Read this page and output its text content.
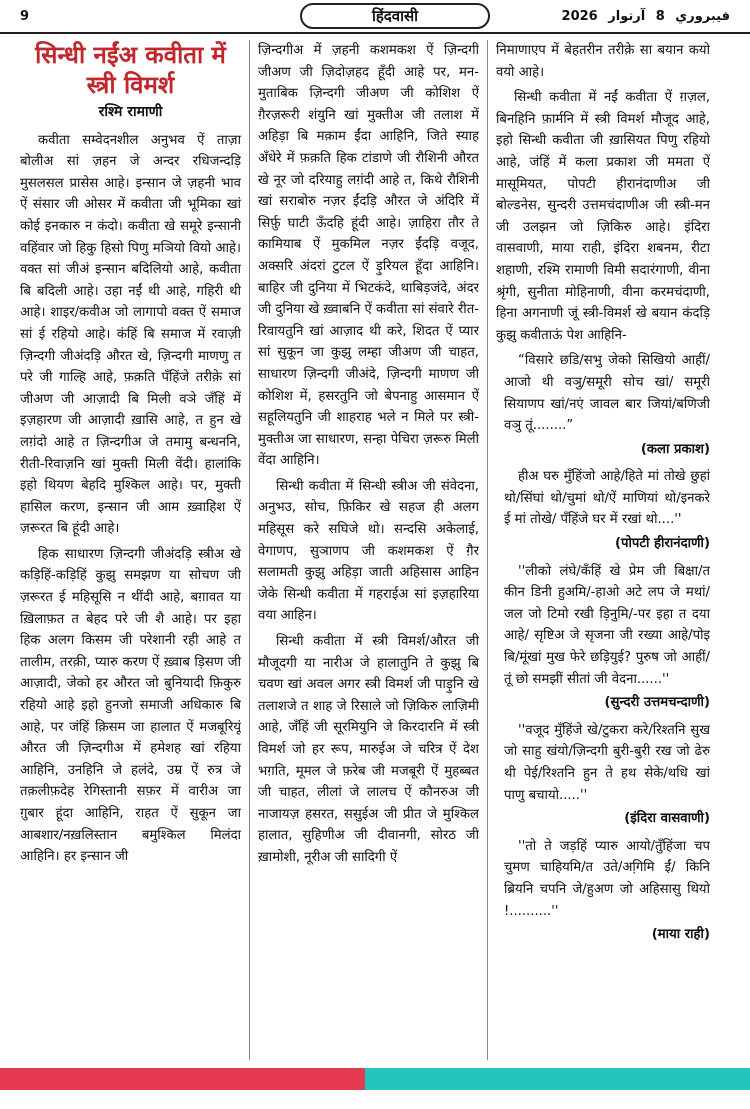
9	हिंदवासी	2026	فيبروري 8 آرتوار
सिन्धी नईंअ कवीता में स्त्री विमर्श
रश्मि रामाणी

कवीता सम्वेदनशील अनुभव ऐं ताज़ा बोलीअ सां ज़हन जे अन्दर रधिजन्दड़ि मुसलसल प्रासेस आहे। इन्सान जे ज़हनी भाव ऐं संसार जी ओसर में कवीता जी भूमिका खां कोई इनकारु न कंदो। कवीता खे समूरे इन्सानी वहिंवार जो हिकु हिसो पिणु मञियो वियो आहे। वक्त सां जीअं इन्सान बदिलियो आहे, कवीता बि बदिली आहे। उहा नईं थी आहे, गहिरी थी आहे। शाइर/कवीअ जो लागापो वक्त ऐं समाज सां ई रहियो आहे। कंहिं बि समाज में रवाज़ी ज़िन्दगी जीअंदड़ि औरत खे, ज़िन्दगी माणणु त परे जी गाल्हि आहे, फ़क़ति पँहिंजे तरीक़े सां जीअण जी आज़ादी बि मिली वञे जँहिं में इज़हारण जी आज़ादी ख़ासि आहे, त हुन खे लग़ंदो आहे त ज़िन्दगीअ जे तमामु बन्धननि, रीती-रिवाज़नि खां मुक्ती मिली वेंदी। हालांकि इहो थियण बेहदि मुश्किल आहे। पर, मुक्ती हासिल करण, इन्सान जी आम ख़्वाहिश ऐं ज़रूरत बि हूंदी आहे।

हिक साधारण ज़िन्दगी जीअंदड़ि स्त्रीअ खे कड़िहिं-कड़िहिं कुझु समझण या सोचण जी ज़रूरत ई महिसूसि न थींदी आहे, बग़ावत या ख़िलाफ़त त बेहद परे जी शै आहे। पर इहा हिक अलग किसम जी परेशानी रही आहे त तालीम, तरक़ी, प्यारु करण ऐं ख़्वाब ड़िसण जी आज़ादी, जेको हर औरत जो बुनियादी फ़िकुरु रहियो आहे इहो हुनजो समाजी अधिकारु बि आहे, पर जंहिं क़िसम जा हालात ऐं मजबूरियूं औरत जी ज़िन्दगीअ में हमेशह खां रहिया आहिनि, उनहिनि जे हलंदे, उम्र ऐं रुत्र जे तक़लीफ़देह रेगिस्तानी सफ़र में वारीअ जा ग़ुबार हूंदा आहिनि, राहत ऐं सुकून जा आबशार/नख़लिस्तान बमुश्किल मिलंदा आहिनि। हर इन्सान जी

ज़िन्दगीअ में ज़हनी कशमकश ऐं ज़िन्दगी जीअण जी ज़िदोज़हद हूँदी आहे पर, मन-मुताबिक ज़िन्दगी जीअण जी कोशिश ऐं ग़ैरज़रूरी शंयुनि खां मुक्तीअ जी तलाश में अहिड़ा बि मक़ाम ईंदा आहिनि, जिते स्याह अँधेरे में फ़क़ति हिक टांडाणे जी रौशिनी औरत खे नूर जो दरियाहु लग़ंदी आहे त, किथे रौशिनी खां सराबोरु नज़र ईंदड़ि औरत जे अंदिरि में सिर्फ़ु घाटी ऊँदहि हूंदी आहे। ज़ाहिरा तौर ते कामियाब ऐं मुकमिल नज़र ईंदड़ि वजूद, अक्सरि अंदरां टुटल ऐं ड़ुरियल हूँदा आहिनि। बाहिर जी दुनिया में भिटकंदे, थाबिड़जंदे, अंदर जी दुनिया खे ख़्वाबनि ऐं कवीता सां संवारे रीत-रिवायतुनि खां आज़ाद थी करे, शिदत ऐं प्यार सां सुकून जा कुझु लम्हा जीअण जी चाहत, साधारण ज़िन्दगी जीअंदे, ज़िन्दगी माणण जी कोशिश में, हसरतुनि जो बेपनाहु आसमान ऐं सहूलियतुनि जी शाहराह भले न मिले पर स्त्री-मुक्तीअ जा साधारण, सन्हा पेचिरा ज़रूरु मिली वेंदा आहिनि।

सिन्धी कवीता में सिन्धी स्त्रीअ जी संवेदना, अनुभउ, सोच, फ़िकिर खे सहज ही अलग महिसूस करे सघिजे थो। सन्दसि अकेलाई, वेगाणप, सुञाणप जी कशमकश ऐं ग़ैर सलामती कुझु अहिड़ा जाती अहिसास आहिन जेके सिन्धी कवीता में गहराईअ सां इज़हारिया वया आहिन।

सिन्धी कवीता में स्त्री विमर्श/औरत जी मौजूदगी या नारीअ जे हालातुनि ते कुझु बि चवण खां अवल अगर स्त्री विमर्श जी पाड़ुनि खे तलाशजे त शाह जे रिसाले जो ज़िकिरु लाज़िमी आहे, जँहिं जी सूरमियुनि जे किरदारनि में स्त्री विमर्श जो हर रूप, मारुईअ जे चरित्र ऐं देश भग़ति, मूमल जे फ़रेब जी मजबूरी ऐं मुहब्बत जी चाहत, लीलां जे लालच ऐं कौनरुअ जी नाजायज़ हसरत, ससुईअ जी प्रीत जे मुश्किल हालात, सुहिणीअ जी दीवानगी, सोरठ जी ख़ामोशी, नूरीअ जी सादिगी ऐं

निमाणाएप में बेहतरीन तरीक़े सा बयान कयो वयो आहे।

सिन्धी कवीता में नईं कवीता ऐं ग़ज़ल, बिनहिनि फ़ार्मनि में स्त्री विमर्श मौजूद आहे, इहो सिन्धी कवीता जी ख़ासियत पिणु रहियो आहे, जंहिं में कला प्रकाश जी ममता ऐं मासूमियत, पोपटी हीरानंदाणीअ जी बोल्डनेस, सुन्दरी उत्तमचंदाणीअ जी स्त्री-मन जी उलझन जो ज़िकिरु आहे। इंदिरा वासवाणी, माया राही, इंदिरा शबनम, रीटा शहाणी, रश्मि रामाणी विमी सदारंगाणी, वीना श्रृंगी, सुनीता मोहिनाणी, वीना करमचंदाणी, हिना अगनाणी जूं स्त्री-विमर्श खे बयान कंदड़ि कुझु कवीताऊं पेश आहिनि-

“विसारे छडि/सभु जेको सिखियो आहीं/आजो थी वञु/समूरी सोच खां/ समूरी सियाणप खां/नएं जावल बार जियां/बणिजी वञु तूं........”
(कला प्रकाश)
हीअ घरु मुँहिंजो आहे/हिते मां तोखे छुहां थो/सिंघां थो/चुमां थो/ऐं माणियां थो/इनकरे ई मां तोखे/ पँहिंजे घर में रखां थो....''
(पोपटी हीरानंदाणी)
''लीको लंघे/कँहिं खे प्रेम जी बिक्षा/त कीन डिनी हुअमि/-हाओ अटे लप जे मथां/जल जो टिमो रखी ड़िनुमि/-पर इहा त दया आहे/ सृष्टिअ जे सृजना जी रख्या आहे/पोइ बि/मूंखां मुख फेरे छड़ियुई? पुरुष जो आहीं/तूं छो समझीं सीतां जी वेदना......''
(सुन्दरी उत्तमचन्दाणी)
''वजूद मुँहिंजे खे/टुकरा करे/रिश्तनि सुख जो साहु खंयो/ज़िन्दगी बुरी-बुरी रख जो ढेरु थी पेई/रिश्तनि हुन ते हथ सेके/थधि खां पाणु बचायो.....''
(इंदिरा वासवाणी)
''तो ते जड़हिं प्यारु आयो/तुँहिंजा चप चुमण चाहियमि/त उते/अगि़मि ईं/ किनि ब्रियनि चपनि जे/हुअण जो अहिसासु थियो !..........''
(माया राही)
